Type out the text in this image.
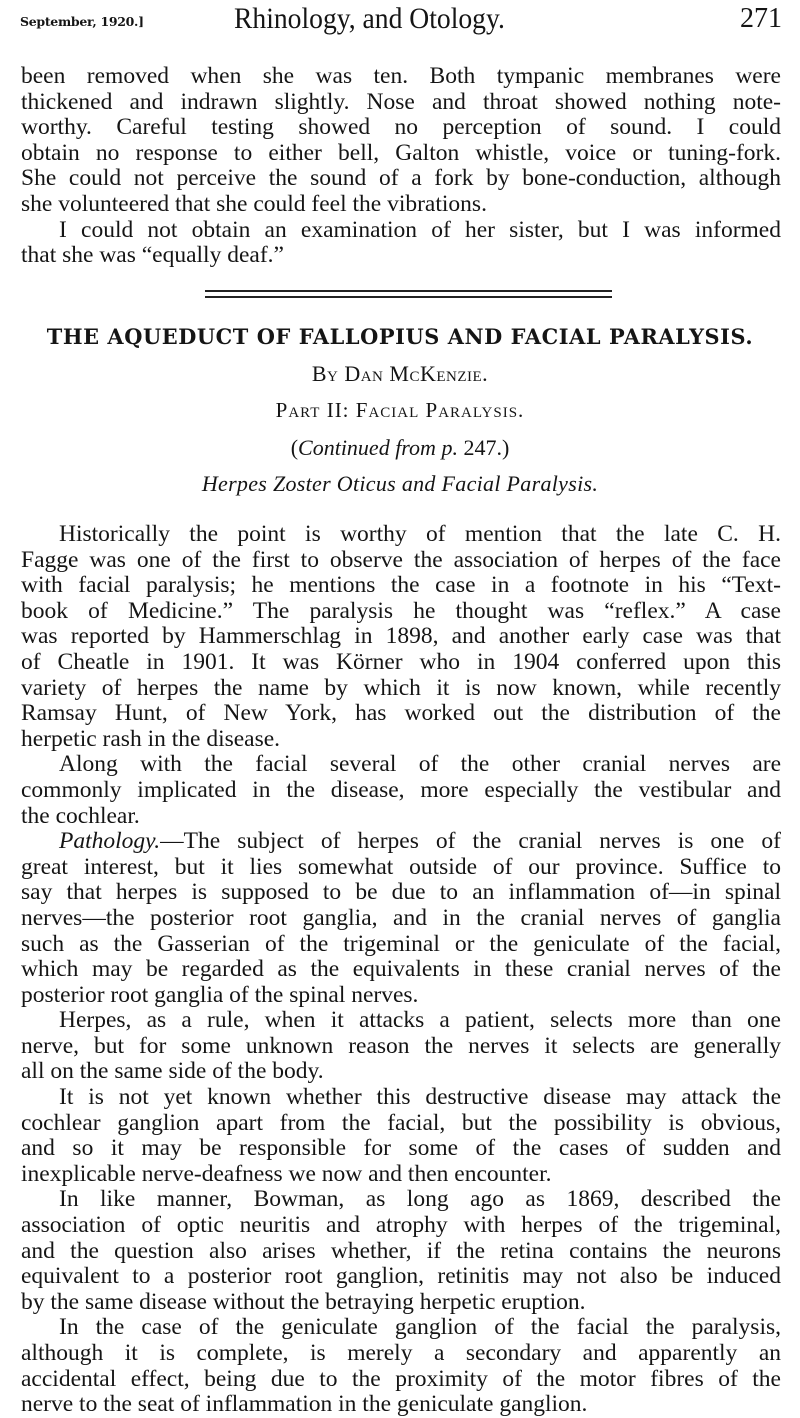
September, 1920.]	Rhinology, and Otology.	271

been removed when she was ten. Both tympanic membranes were
thickened and indrawn slightly. Nose and throat showed nothing note-
worthy. Careful testing showed no perception of sound. I could
obtain no response to either bell, Galton whistle, voice or tuning-fork.
She could not perceive the sound of a fork by bone-conduction, although
she volunteered that she could feel the vibrations.

I could not obtain an examination of her sister, but I was informed
that she was “equally deaf.”

THE AQUEDUCT OF FALLOPIUS AND FACIAL PARALYSIS.
By Dan McKenzie.
Part II: Facial Paralysis.
(Continued from p. 247.)
Herpes Zoster Oticus and Facial Paralysis.

Historically the point is worthy of mention that the late C. H.
Fagge was one of the first to observe the association of herpes of the face
with facial paralysis; he mentions the case in a footnote in his “Text-
book of Medicine.” The paralysis he thought was “reflex.” A case
was reported by Hammerschlag in 1898, and another early case was that
of Cheatle in 1901. It was Körner who in 1904 conferred upon this
variety of herpes the name by which it is now known, while recently
Ramsay Hunt, of New York, has worked out the distribution of the
herpetic rash in the disease.

Along with the facial several of the other cranial nerves are
commonly implicated in the disease, more especially the vestibular and
the cochlear.

Pathology.—The subject of herpes of the cranial nerves is one of
great interest, but it lies somewhat outside of our province. Suffice to
say that herpes is supposed to be due to an inflammation of—in spinal
nerves—the posterior root ganglia, and in the cranial nerves of ganglia
such as the Gasserian of the trigeminal or the geniculate of the facial,
which may be regarded as the equivalents in these cranial nerves of the
posterior root ganglia of the spinal nerves.

Herpes, as a rule, when it attacks a patient, selects more than one
nerve, but for some unknown reason the nerves it selects are generally
all on the same side of the body.

It is not yet known whether this destructive disease may attack the
cochlear ganglion apart from the facial, but the possibility is obvious,
and so it may be responsible for some of the cases of sudden and
inexplicable nerve-deafness we now and then encounter.

In like manner, Bowman, as long ago as 1869, described the
association of optic neuritis and atrophy with herpes of the trigeminal,
and the question also arises whether, if the retina contains the neurons
equivalent to a posterior root ganglion, retinitis may not also be induced
by the same disease without the betraying herpetic eruption.

In the case of the geniculate ganglion of the facial the paralysis,
although it is complete, is merely a secondary and apparently an
accidental effect, being due to the proximity of the motor fibres of the
nerve to the seat of inflammation in the geniculate ganglion.
